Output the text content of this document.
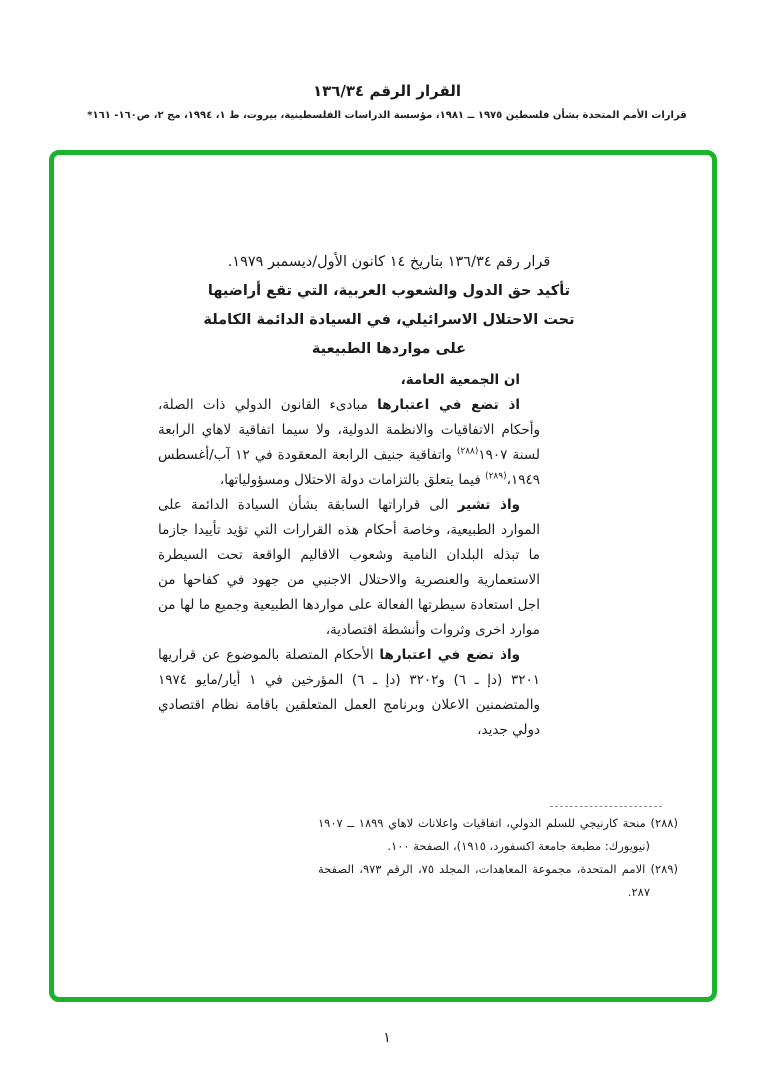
القرار الرقم ١٣٦/٣٤
قرارات الأمم المتحدة بشأن فلسطين ١٩٧٥ ــ ١٩٨١، مؤسسة الدراسات الفلسطينية، بيروت، ط ١، ١٩٩٤، مج ٢، ص١٦٠- ١٦١*
قرار رقم ١٣٦/٣٤ بتاريخ ١٤ كانون الأول/ديسمبر ١٩٧٩.
تأكيد حق الدول والشعوب العربية، التي تقع أراضيها
تحت الاحتلال الاسرائيلي، في السيادة الدائمة الكاملة
على مواردها الطبيعية

ان الجمعية العامة،

اذ تضع في اعتبارها مبادىء القانون الدولي ذات الصلة، وأحكام الاتفاقيات والانظمة الدولية، ولا سيما اتفاقية لاهاي الرابعة لسنة ١٩٠٧$^{(٢٨٨)}$ واتفاقية جنيف الرابعة المعقودة في ١٢ آب/أغسطس ١٩٤٩،$^{(٢٨٩)}$ فيما يتعلق بالتزامات دولة الاحتلال ومسؤولياتها،

واذ تشير الى قراراتها السابقة بشأن السيادة الدائمة على الموارد الطبيعية، وخاصة أحكام هذه القرارات التي تؤيد تأييدا جازما ما تبذله البلدان النامية وشعوب الاقاليم الواقعة تحت السيطرة الاستعمارية والعنصرية والاحتلال الاجنبي من جهود في كفاحها من اجل استعادة سيطرتها الفعالة على مواردها الطبيعية وجميع ما لها من موارد اخرى وثروات وأنشطة اقتصادية،

واذ تضع في اعتبارها الأحكام المتصلة بالموضوع عن قراريها ٣٢٠١ (دإ ـ ٦) و٣٢٠٢ (دإ ـ ٦) المؤرخين في ١ أيار/مايو ١٩٧٤ والمتضمنين الاعلان وبرنامج العمل المتعلقين باقامة نظام اقتصادي دولي جديد،

(٢٨٨) منحة كارنيجي للسلم الدولي، اتفاقيات واعلانات لاهاي ١٨٩٩ ــ ١٩٠٧ (نيويورك: مطبعة جامعة اكسفورد، ١٩١٥)، الصفحة ١٠٠.

(٢٨٩) الامم المتحدة، مجموعة المعاهدات، المجلد ٧٥، الرقم ٩٧٣، الصفحة ٢٨٧.

١
